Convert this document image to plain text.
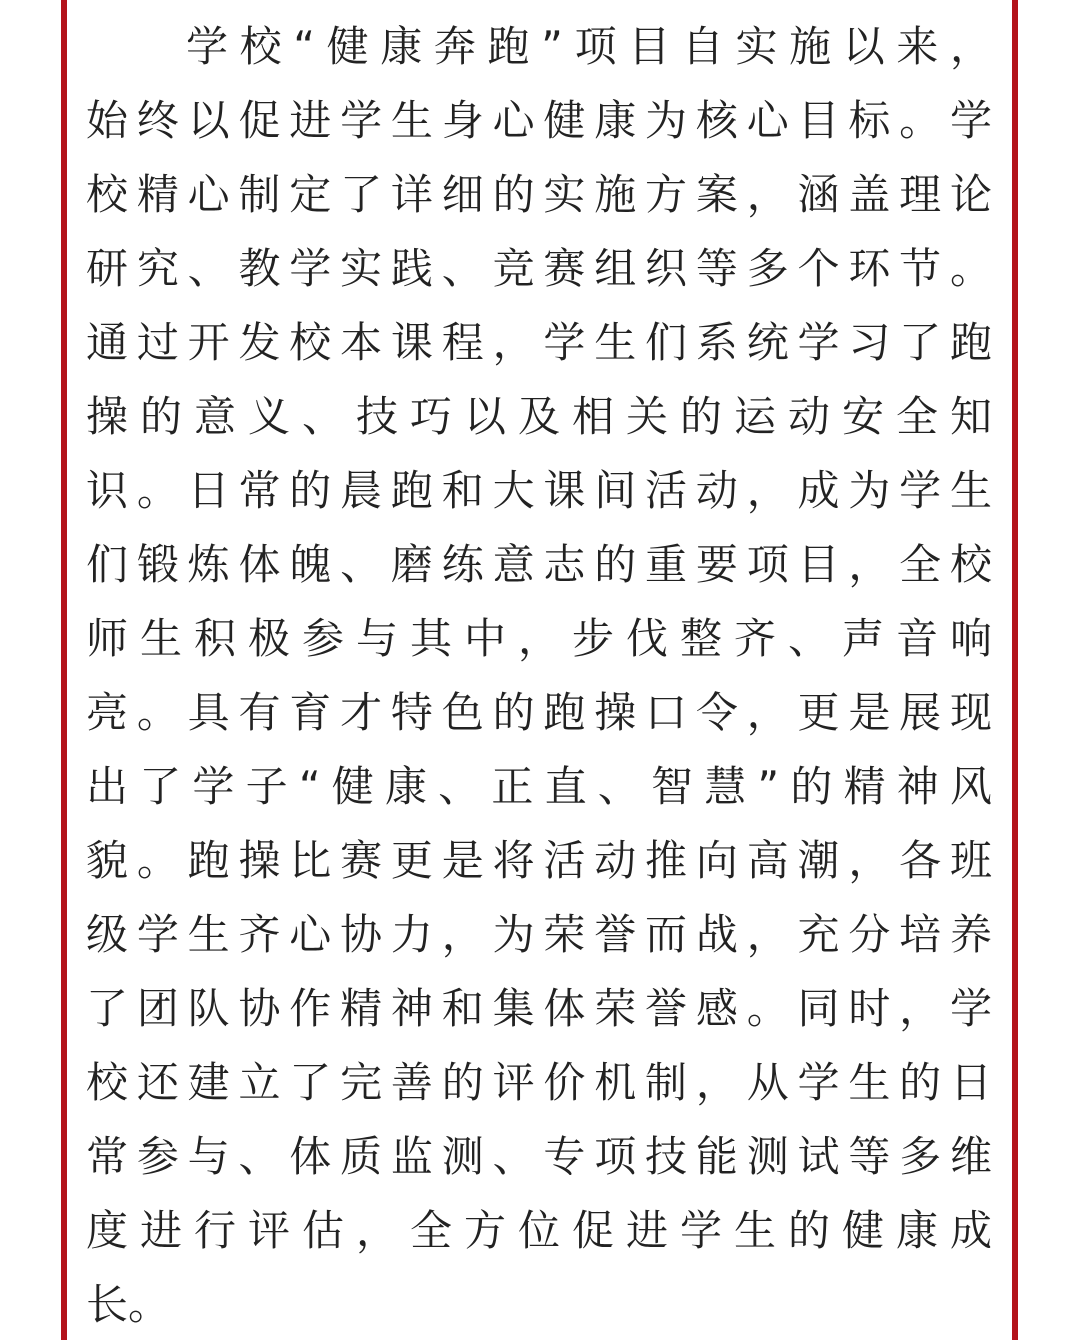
学校“健康奔跑”项目自实施以来，
始终以促进学生身心健康为核心目标。学
校精心制定了详细的实施方案，涵盖理论
研究、教学实践、竞赛组织等多个环节。
通过开发校本课程，学生们系统学习了跑
操的意义、技巧以及相关的运动安全知
识。日常的晨跑和大课间活动，成为学生
们锻炼体魄、磨练意志的重要项目，全校
师生积极参与其中，步伐整齐、声音响
亮。具有育才特色的跑操口令，更是展现
出了学子“健康、正直、智慧”的精神风
貌。跑操比赛更是将活动推向高潮，各班
级学生齐心协力，为荣誉而战，充分培养
了团队协作精神和集体荣誉感。同时，学
校还建立了完善的评价机制，从学生的日
常参与、体质监测、专项技能测试等多维
度进行评估，全方位促进学生的健康成
长。
